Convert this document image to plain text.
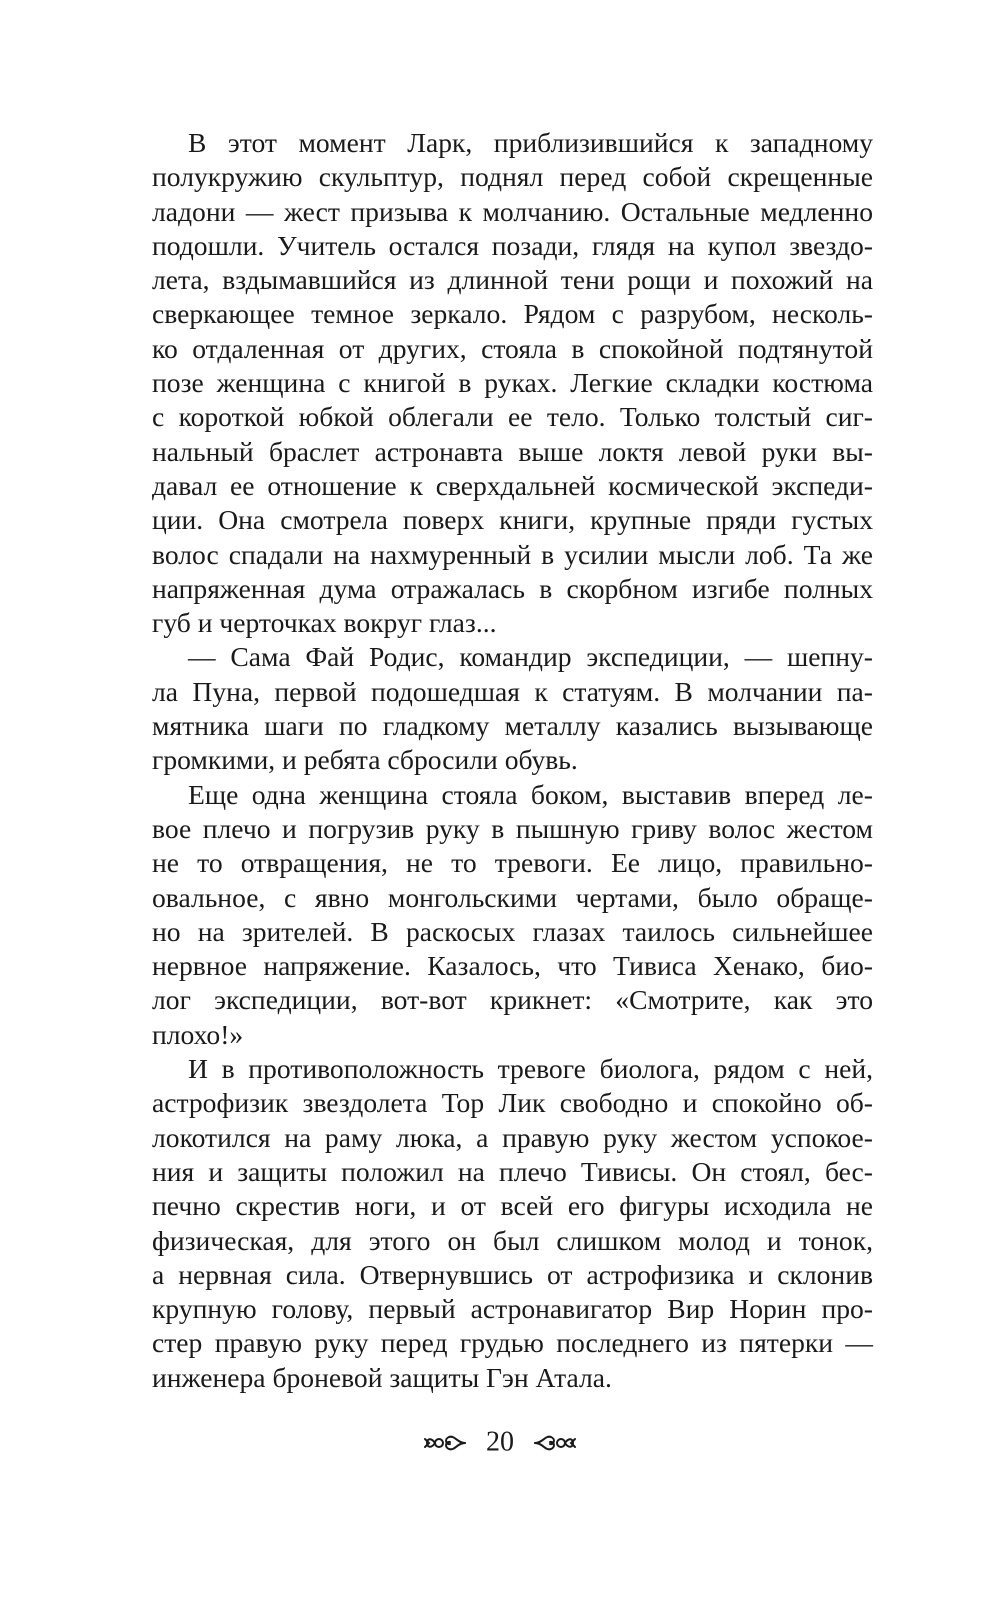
В этот момент Ларк, приблизившийся к западному
полукружию скульптур, поднял перед собой скрещенные
ладони — жест призыва к молчанию. Остальные медленно
подошли. Учитель остался позади, глядя на купол звездо-
лета, вздымавшийся из длинной тени рощи и похожий на
сверкающее темное зеркало. Рядом с разрубом, несколь-
ко отдаленная от других, стояла в спокойной подтянутой
позе женщина с книгой в руках. Легкие складки костюма
с короткой юбкой облегали ее тело. Только толстый сиг-
нальный браслет астронавта выше локтя левой руки вы-
давал ее отношение к сверхдальней космической экспеди-
ции. Она смотрела поверх книги, крупные пряди густых
волос спадали на нахмуренный в усилии мысли лоб. Та же
напряженная дума отражалась в скорбном изгибе полных
губ и черточках вокруг глаз...
— Сама Фай Родис, командир экспедиции, — шепну-
ла Пуна, первой подошедшая к статуям. В молчании па-
мятника шаги по гладкому металлу казались вызывающе
громкими, и ребята сбросили обувь.
Еще одна женщина стояла боком, выставив вперед ле-
вое плечо и погрузив руку в пышную гриву волос жестом
не то отвращения, не то тревоги. Ее лицо, правильно-
овальное, с явно монгольскими чертами, было обраще-
но на зрителей. В раскосых глазах таилось сильнейшее
нервное напряжение. Казалось, что Тивиса Хенако, био-
лог экспедиции, вот-вот крикнет: «Смотрите, как это
плохо!»
И в противоположность тревоге биолога, рядом с ней,
астрофизик звездолета Тор Лик свободно и спокойно об-
локотился на раму люка, а правую руку жестом успокое-
ния и защиты положил на плечо Тивисы. Он стоял, бес-
печно скрестив ноги, и от всей его фигуры исходила не
физическая, для этого он был слишком молод и тонок,
а нервная сила. Отвернувшись от астрофизика и склонив
крупную голову, первый астронавигатор Вир Норин про-
стер правую руку перед грудью последнего из пятерки —
инженера броневой защиты Гэн Атала.
20
